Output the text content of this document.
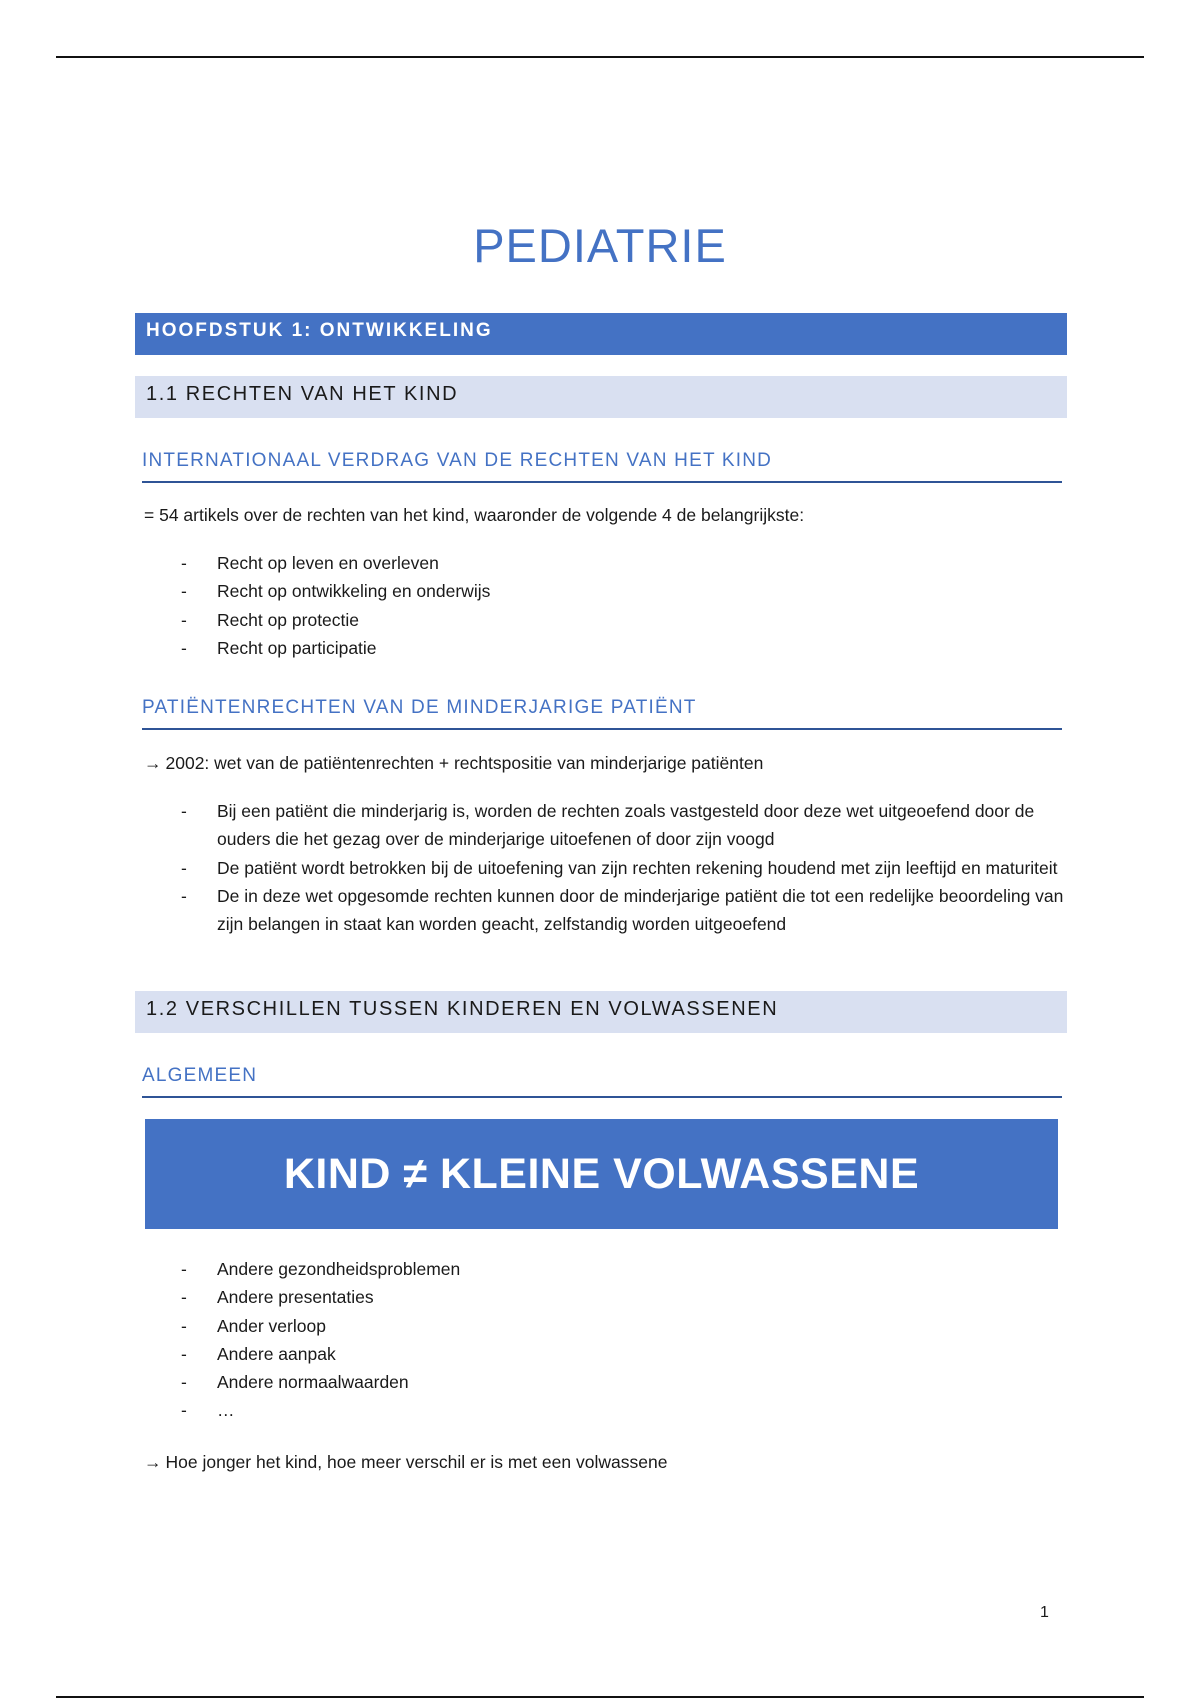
PEDIATRIE
HOOFDSTUK 1: ONTWIKKELING
1.1 RECHTEN VAN HET KIND
INTERNATIONAAL VERDRAG VAN DE RECHTEN VAN HET KIND
= 54 artikels over de rechten van het kind, waaronder de volgende 4 de belangrijkste:
- Recht op leven en overleven
- Recht op ontwikkeling en onderwijs
- Recht op protectie
- Recht op participatie
PATIËNTENRECHTEN VAN DE MINDERJARIGE PATIËNT
→ 2002: wet van de patiëntenrechten + rechtspositie van minderjarige patiënten
- Bij een patiënt die minderjarig is, worden de rechten zoals vastgesteld door deze wet uitgeoefend door de ouders die het gezag over de minderjarige uitoefenen of door zijn voogd
- De patiënt wordt betrokken bij de uitoefening van zijn rechten rekening houdend met zijn leeftijd en maturiteit
- De in deze wet opgesomde rechten kunnen door de minderjarige patiënt die tot een redelijke beoordeling van zijn belangen in staat kan worden geacht, zelfstandig worden uitgeoefend
1.2 VERSCHILLEN TUSSEN KINDEREN EN VOLWASSENEN
ALGEMEEN
KIND ≠ KLEINE VOLWASSENE
- Andere gezondheidsproblemen
- Andere presentaties
- Ander verloop
- Andere aanpak
- Andere normaalwaarden
- …
→ Hoe jonger het kind, hoe meer verschil er is met een volwassene
1
